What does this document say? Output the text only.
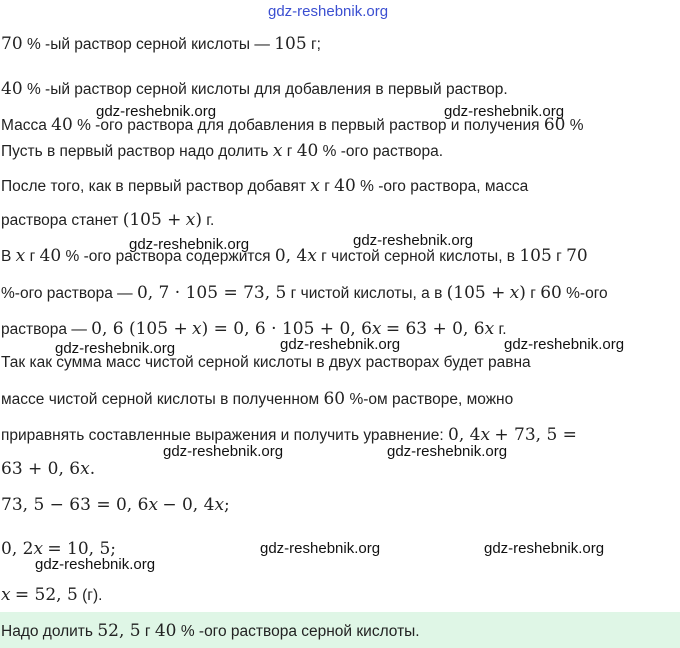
gdz-reshebnik.org
70 % -ый раствор серной кислоты — 105 г;
40 % -ый раствор серной кислоты для добавления в первый раствор.
Масса 40 % -ого раствора для добавления в первый раствор и получения 60 %
Пусть в первый раствор надо долить x г 40 % -ого раствора.
После того, как в первый раствор добавят x г 40 % -ого раствора, масса
раствора станет (105 + x) г.
В x г 40 % -ого раствора содержится 0, 4x г чистой серной кислоты, в 105 г 70
%-ого раствора — 0, 7 · 105 = 73, 5 г чистой кислоты, а в (105 + x) г 60 %-ого
раствора — 0, 6 (105 + x) = 0, 6 · 105 + 0, 6x = 63 + 0, 6x г.
Так как сумма масс чистой серной кислоты в двух растворах будет равна
массе чистой серной кислоты в полученном 60 %-ом растворе, можно
приравнять составленные выражения и получить уравнение: 0, 4x + 73, 5 =
63 + 0, 6x.
73, 5 − 63 = 0, 6x − 0, 4x;
0, 2x = 10, 5;
x = 52, 5 (г).
Надо долить 52, 5 г 40 % -ого раствора серной кислоты.
gdz-reshebnik.org	gdz-reshebnik.org
gdz-reshebnik.org	gdz-reshebnik.org
gdz-reshebnik.org	gdz-reshebnik.org	gdz-reshebnik.org
gdz-reshebnik.org	gdz-reshebnik.org
gdz-reshebnik.org	gdz-reshebnik.org
gdz-reshebnik.org
